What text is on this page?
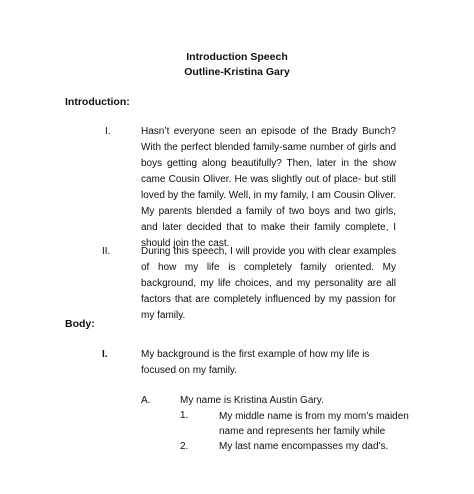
Introduction Speech
Outline-Kristina Gary
Introduction:
I.	Hasn’t everyone seen an episode of the Brady Bunch? With the perfect blended family-same number of girls and boys getting along beautifully? Then, later in the show came Cousin Oliver. He was slightly out of place- but still loved by the family. Well, in my family, I am Cousin Oliver. My parents blended a family of two boys and two girls, and later decided that to make their family complete, I should join the cast.
II.	During this speech, I will provide you with clear examples of how my life is completely family oriented. My background, my life choices, and my personality are all factors that are completely influenced by my passion for my family.
Body:
I.	My background is the first example of how my life is focused on my family.
A.	My name is Kristina Austin Gary.
1.	My middle name is from my mom’s maiden name and represents her family while
2.	My last name encompasses my dad’s.
